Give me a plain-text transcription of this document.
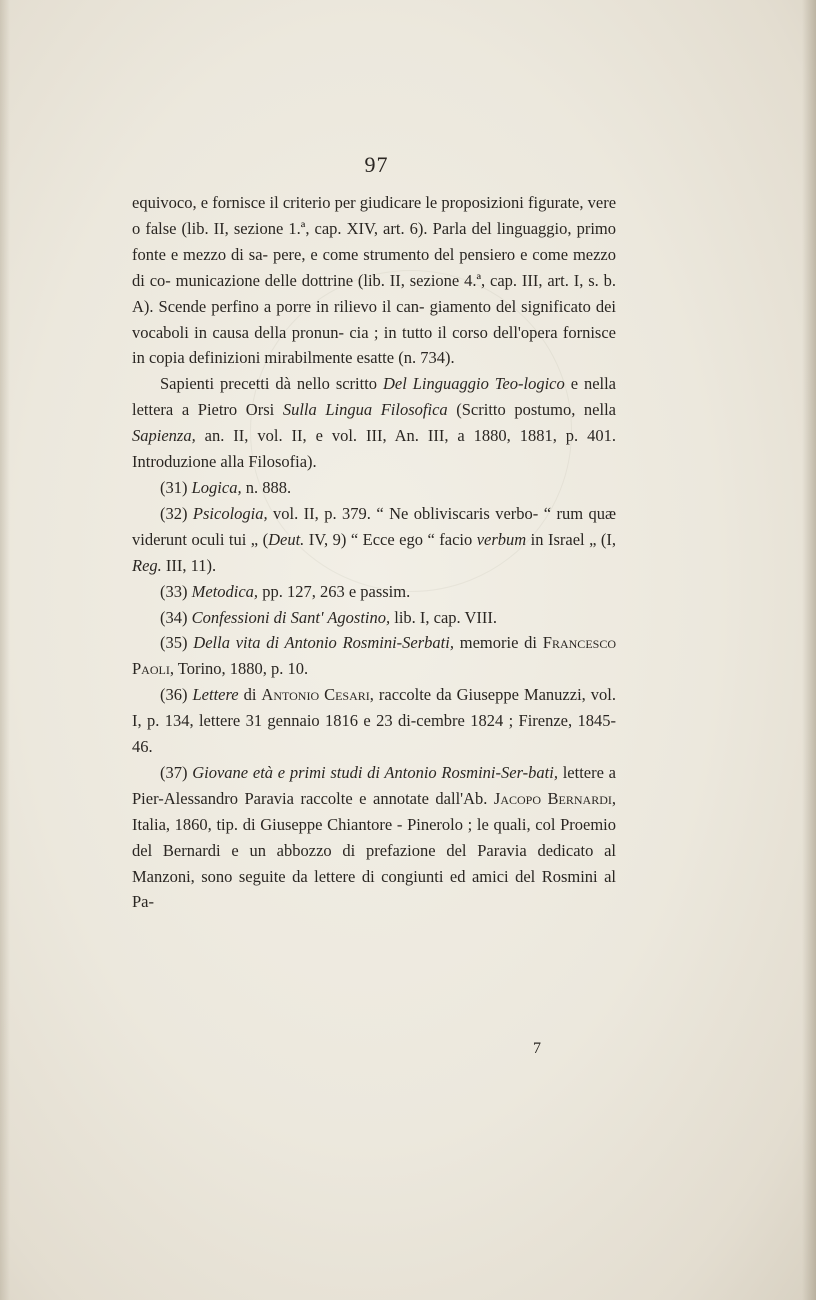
97

equivoco, e fornisce il criterio per giudicare le proposizioni figurate, vere o false (lib. II, sezione 1.ª, cap. XIV, art. 6). Parla del linguaggio, primo fonte e mezzo di sa- pere, e come strumento del pensiero e come mezzo di co- municazione delle dottrine (lib. II, sezione 4.ª, cap. III, art. I, s. b. A). Scende perfino a porre in rilievo il can- giamento del significato dei vocaboli in causa della pronun- cia ; in tutto il corso dell'opera fornisce in copia definizioni mirabilmente esatte (n. 734).

Sapienti precetti dà nello scritto Del Linguaggio Teo-logico e nella lettera a Pietro Orsi Sulla Lingua Filosofica (Scritto postumo, nella Sapienza, an. II, vol. II, e vol. III, An. III, a 1880, 1881, p. 401. Introduzione alla Filosofia).

(31) Logica, n. 888.

(32) Psicologia, vol. II, p. 379. “ Ne obliviscaris verbo- “ rum quæ viderunt oculi tui „ (Deut. IV, 9) “ Ecce ego “ facio verbum in Israel „ (I, Reg. III, 11).

(33) Metodica, pp. 127, 263 e passim.

(34) Confessioni di Sant' Agostino, lib. I, cap. VIII.

(35) Della vita di Antonio Rosmini-Serbati, memorie di Francesco Paoli, Torino, 1880, p. 10.

(36) Lettere di Antonio Cesari, raccolte da Giuseppe Manuzzi, vol. I, p. 134, lettere 31 gennaio 1816 e 23 di-cembre 1824 ; Firenze, 1845-46.

(37) Giovane età e primi studi di Antonio Rosmini-Ser-bati, lettere a Pier-Alessandro Paravia raccolte e annotate dall'Ab. Jacopo Bernardi, Italia, 1860, tip. di Giuseppe Chiantore - Pinerolo ; le quali, col Proemio del Bernardi e un abbozzo di prefazione del Paravia dedicato al Manzoni, sono seguite da lettere di congiunti ed amici del Rosmini al Pa-

7
